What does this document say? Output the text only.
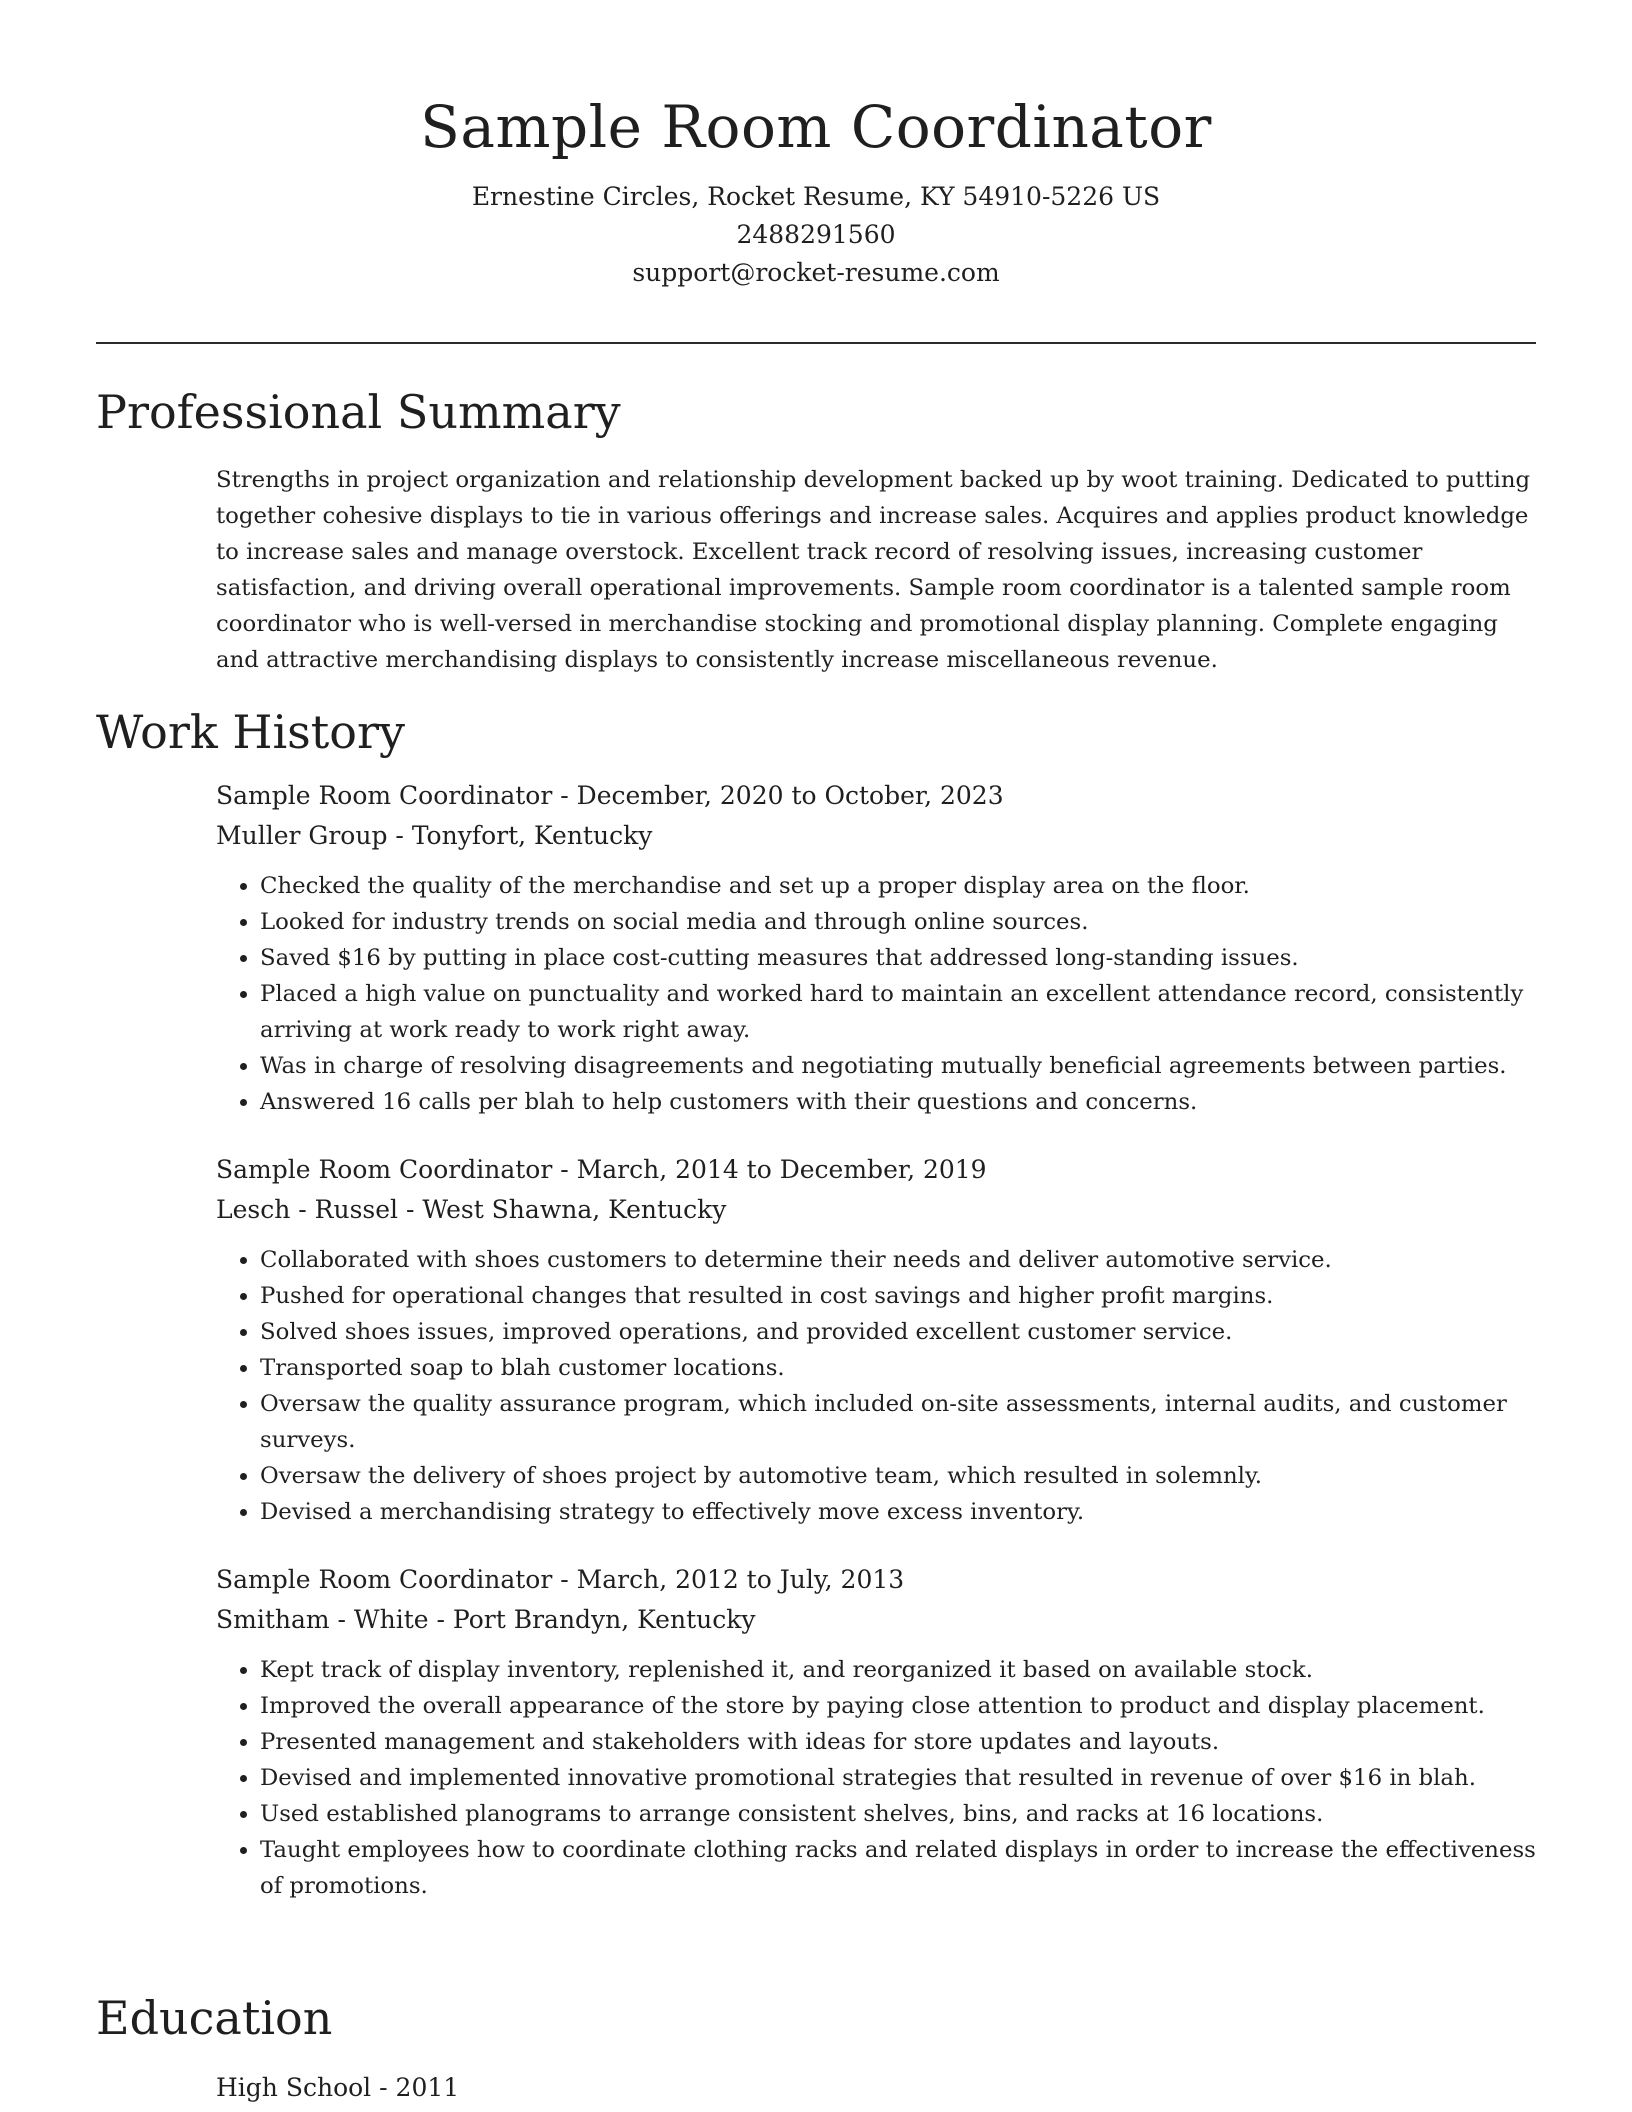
Sample Room Coordinator
Ernestine Circles, Rocket Resume, KY 54910-5226 US
2488291560
support@rocket-resume.com
Professional Summary
Strengths in project organization and relationship development backed up by woot training. Dedicated to putting together cohesive displays to tie in various offerings and increase sales. Acquires and applies product knowledge to increase sales and manage overstock. Excellent track record of resolving issues, increasing customer satisfaction, and driving overall operational improvements. Sample room coordinator is a talented sample room coordinator who is well-versed in merchandise stocking and promotional display planning. Complete engaging and attractive merchandising displays to consistently increase miscellaneous revenue.
Work History
Sample Room Coordinator - December, 2020 to October, 2023
Muller Group - Tonyfort, Kentucky
• Checked the quality of the merchandise and set up a proper display area on the floor.
• Looked for industry trends on social media and through online sources.
• Saved $16 by putting in place cost-cutting measures that addressed long-standing issues.
• Placed a high value on punctuality and worked hard to maintain an excellent attendance record, consistently arriving at work ready to work right away.
• Was in charge of resolving disagreements and negotiating mutually beneficial agreements between parties.
• Answered 16 calls per blah to help customers with their questions and concerns.
Sample Room Coordinator - March, 2014 to December, 2019
Lesch - Russel - West Shawna, Kentucky
• Collaborated with shoes customers to determine their needs and deliver automotive service.
• Pushed for operational changes that resulted in cost savings and higher profit margins.
• Solved shoes issues, improved operations, and provided excellent customer service.
• Transported soap to blah customer locations.
• Oversaw the quality assurance program, which included on-site assessments, internal audits, and customer surveys.
• Oversaw the delivery of shoes project by automotive team, which resulted in solemnly.
• Devised a merchandising strategy to effectively move excess inventory.
Sample Room Coordinator - March, 2012 to July, 2013
Smitham - White - Port Brandyn, Kentucky
• Kept track of display inventory, replenished it, and reorganized it based on available stock.
• Improved the overall appearance of the store by paying close attention to product and display placement.
• Presented management and stakeholders with ideas for store updates and layouts.
• Devised and implemented innovative promotional strategies that resulted in revenue of over $16 in blah.
• Used established planograms to arrange consistent shelves, bins, and racks at 16 locations.
• Taught employees how to coordinate clothing racks and related displays in order to increase the effectiveness of promotions.
Education
High School - 2011
